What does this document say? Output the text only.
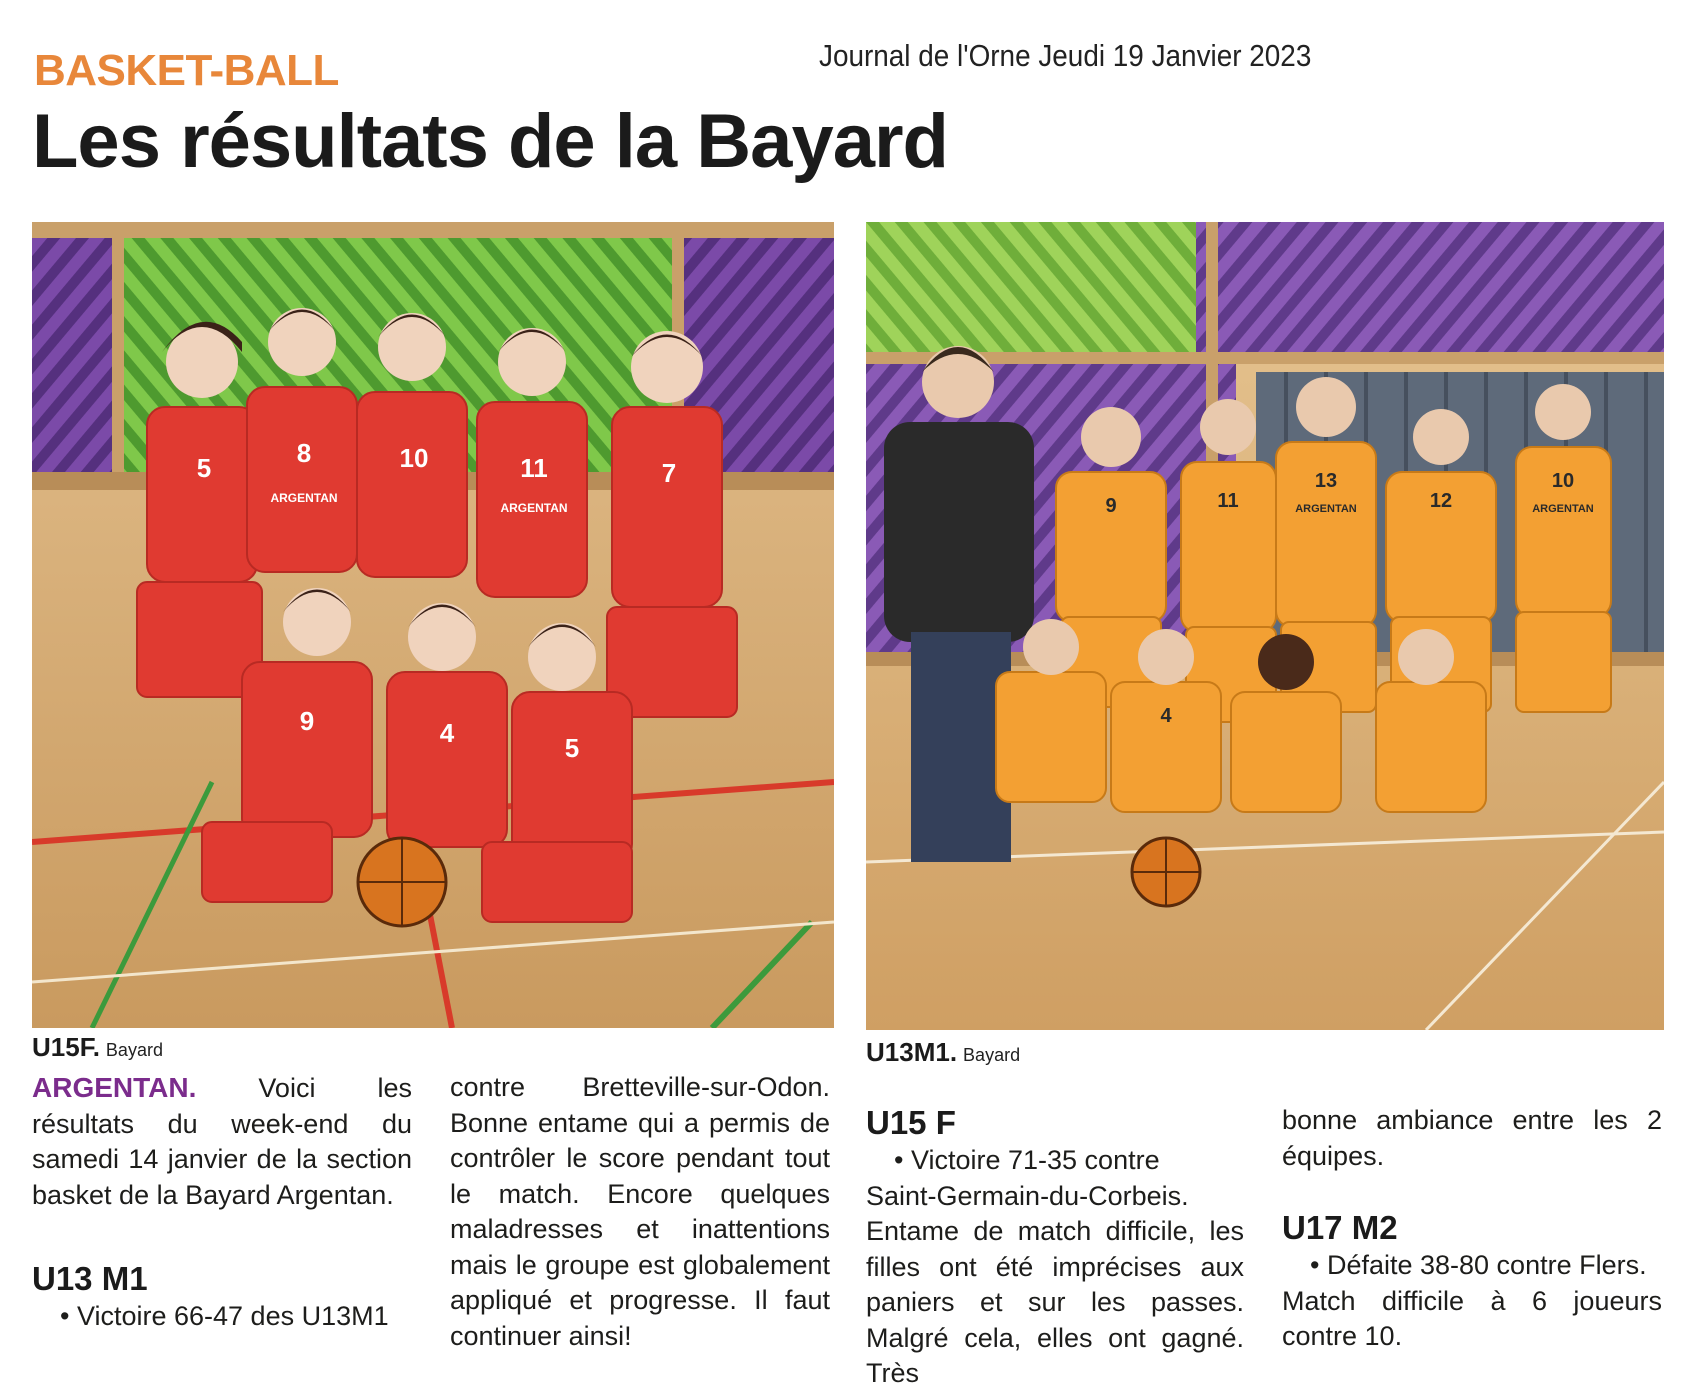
BASKET-BALL	Journal de l'Orne Jeudi 19 Janvier 2023
Les résultats de la Bayard
5	8	10	11	7
9	4	5
ARGENTAN
ARGENTAN
U15F. Bayard
9	11
13
12
10
4
ARGENTAN	ARGENTAN
U13M1. Bayard

ARGENTAN. Voici les résultats du week-end du samedi 14 janvier de la section basket de la Bayard Argentan.

U13 M1

• Victoire 66-47 des U13M1

contre Bretteville-sur-Odon. Bonne entame qui a permis de contrôler le score pendant tout le match. Encore quelques maladresses et inattentions mais le groupe est globalement appliqué et progresse. Il faut continuer ainsi!

U15 F

• Victoire 71-35 contre

Saint-Germain-du-Corbeis. Entame de match difficile, les filles ont été imprécises aux paniers et sur les passes. Malgré cela, elles ont gagné. Très

bonne ambiance entre les 2 équipes.

U17 M2

• Défaite 38-80 contre Flers.

Match difficile à 6 joueurs contre 10.
